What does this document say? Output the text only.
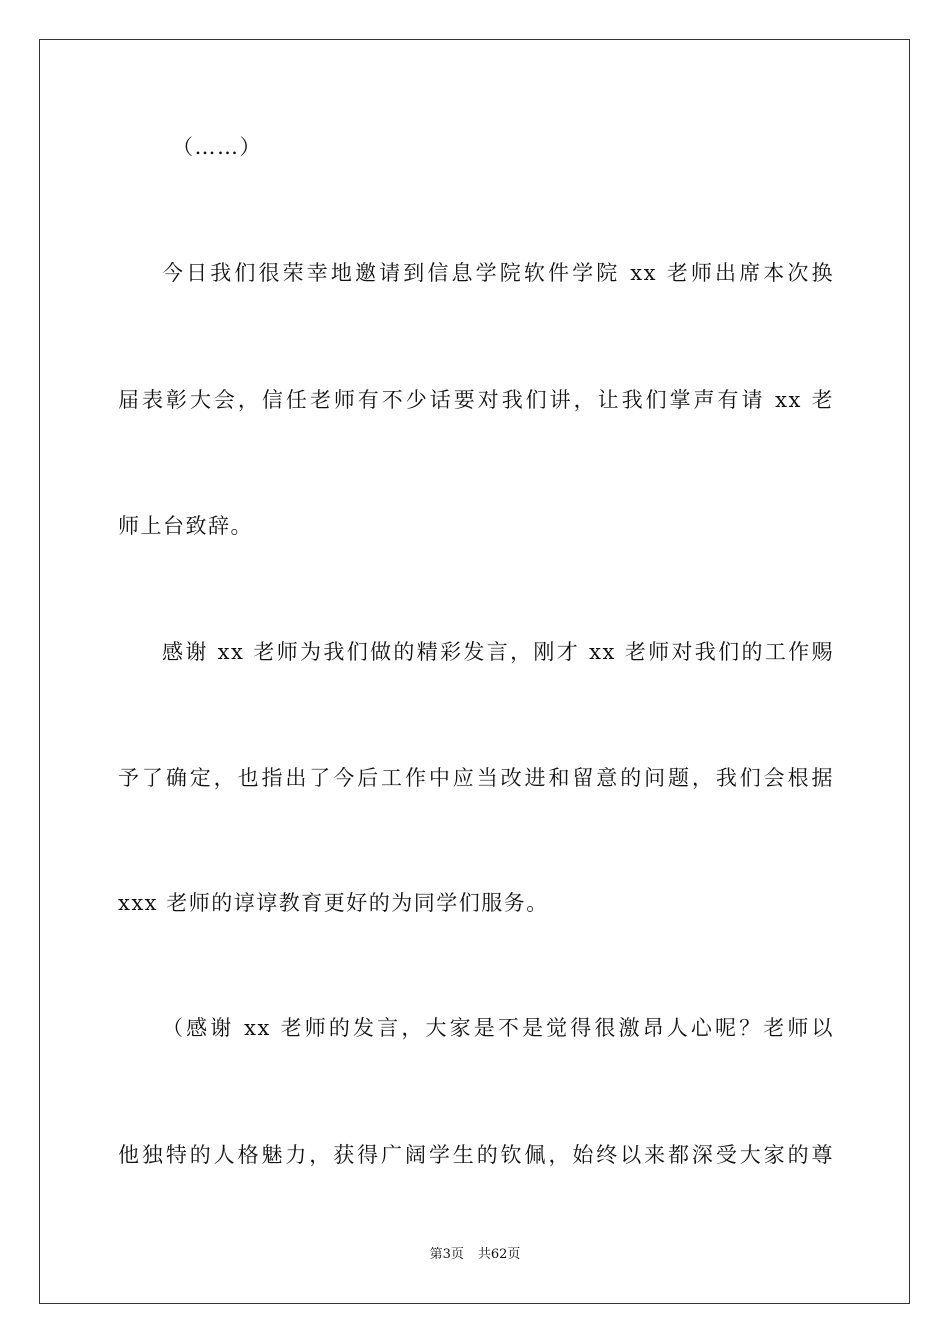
（……）
今日我们很荣幸地邀请到信息学院软件学院 xx 老师出席本次换
届表彰大会，信任老师有不少话要对我们讲，让我们掌声有请 xx 老
师上台致辞。
感谢 xx 老师为我们做的精彩发言，刚才 xx 老师对我们的工作赐
予了确定，也指出了今后工作中应当改进和留意的问题，我们会根据
xxx 老师的谆谆教育更好的为同学们服务。
（感谢 xx 老师的发言，大家是不是觉得很激昂人心呢？老师以
他独特的人格魅力，获得广阔学生的钦佩，始终以来都深受大家的尊
第3页 共62页
